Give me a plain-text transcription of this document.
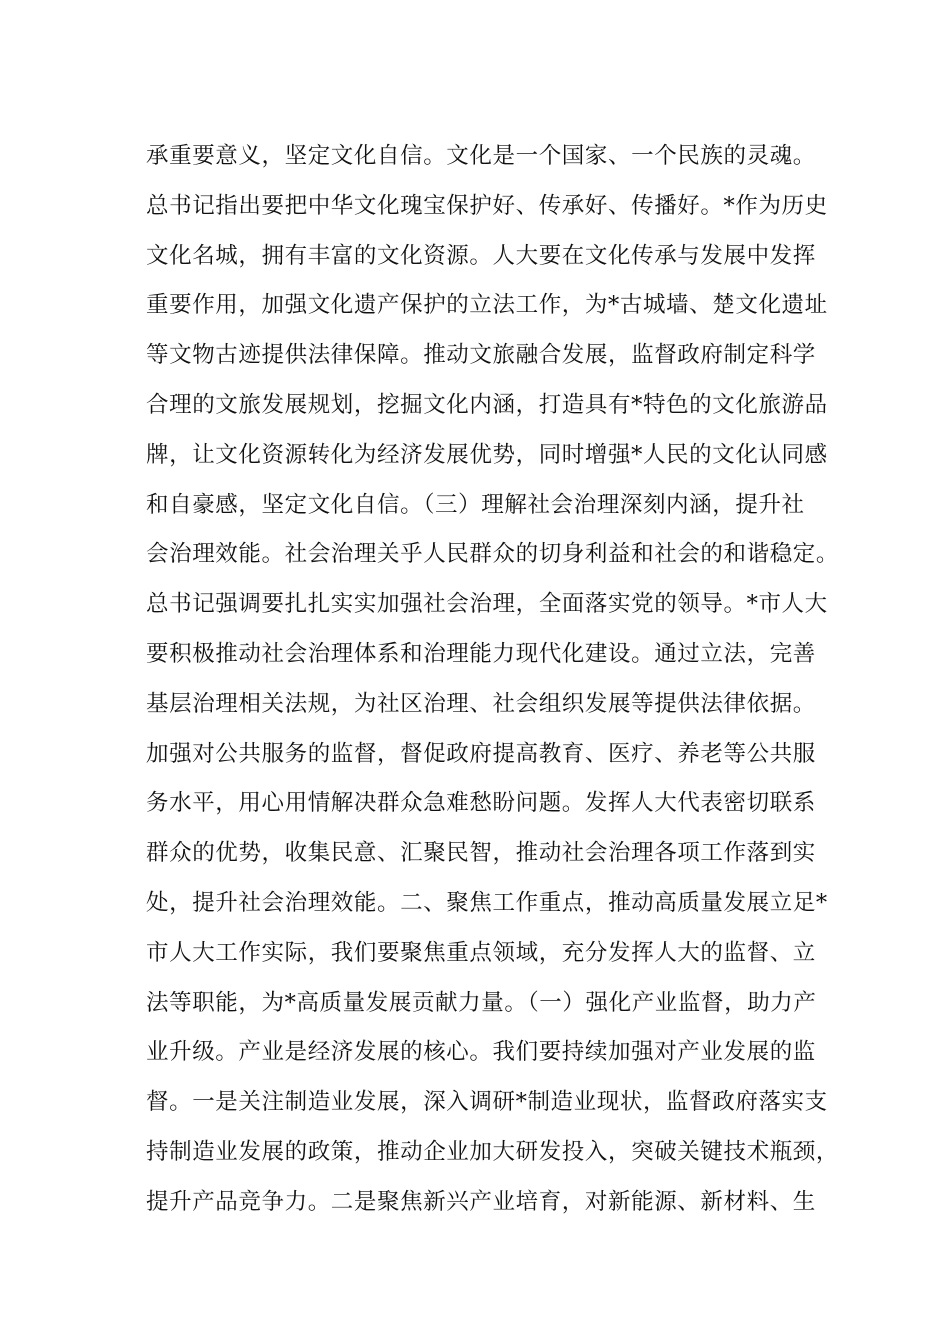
承重要意义，坚定文化自信。文化是一个国家、一个民族的灵魂。
总书记指出要把中华文化瑰宝保护好、传承好、传播好。*作为历史
文化名城，拥有丰富的文化资源。人大要在文化传承与发展中发挥
重要作用，加强文化遗产保护的立法工作，为*古城墙、楚文化遗址
等文物古迹提供法律保障。推动文旅融合发展，监督政府制定科学
合理的文旅发展规划，挖掘文化内涵，打造具有*特色的文化旅游品
牌，让文化资源转化为经济发展优势，同时增强*人民的文化认同感
和自豪感，坚定文化自信。（三）理解社会治理深刻内涵，提升社
会治理效能。社会治理关乎人民群众的切身利益和社会的和谐稳定。
总书记强调要扎扎实实加强社会治理，全面落实党的领导。*市人大
要积极推动社会治理体系和治理能力现代化建设。通过立法，完善
基层治理相关法规，为社区治理、社会组织发展等提供法律依据。
加强对公共服务的监督，督促政府提高教育、医疗、养老等公共服
务水平，用心用情解决群众急难愁盼问题。发挥人大代表密切联系
群众的优势，收集民意、汇聚民智，推动社会治理各项工作落到实
处，提升社会治理效能。二、聚焦工作重点，推动高质量发展立足*
市人大工作实际，我们要聚焦重点领域，充分发挥人大的监督、立
法等职能，为*高质量发展贡献力量。（一）强化产业监督，助力产
业升级。产业是经济发展的核心。我们要持续加强对产业发展的监
督。一是关注制造业发展，深入调研*制造业现状，监督政府落实支
持制造业发展的政策，推动企业加大研发投入，突破关键技术瓶颈，
提升产品竞争力。二是聚焦新兴产业培育，对新能源、新材料、生
